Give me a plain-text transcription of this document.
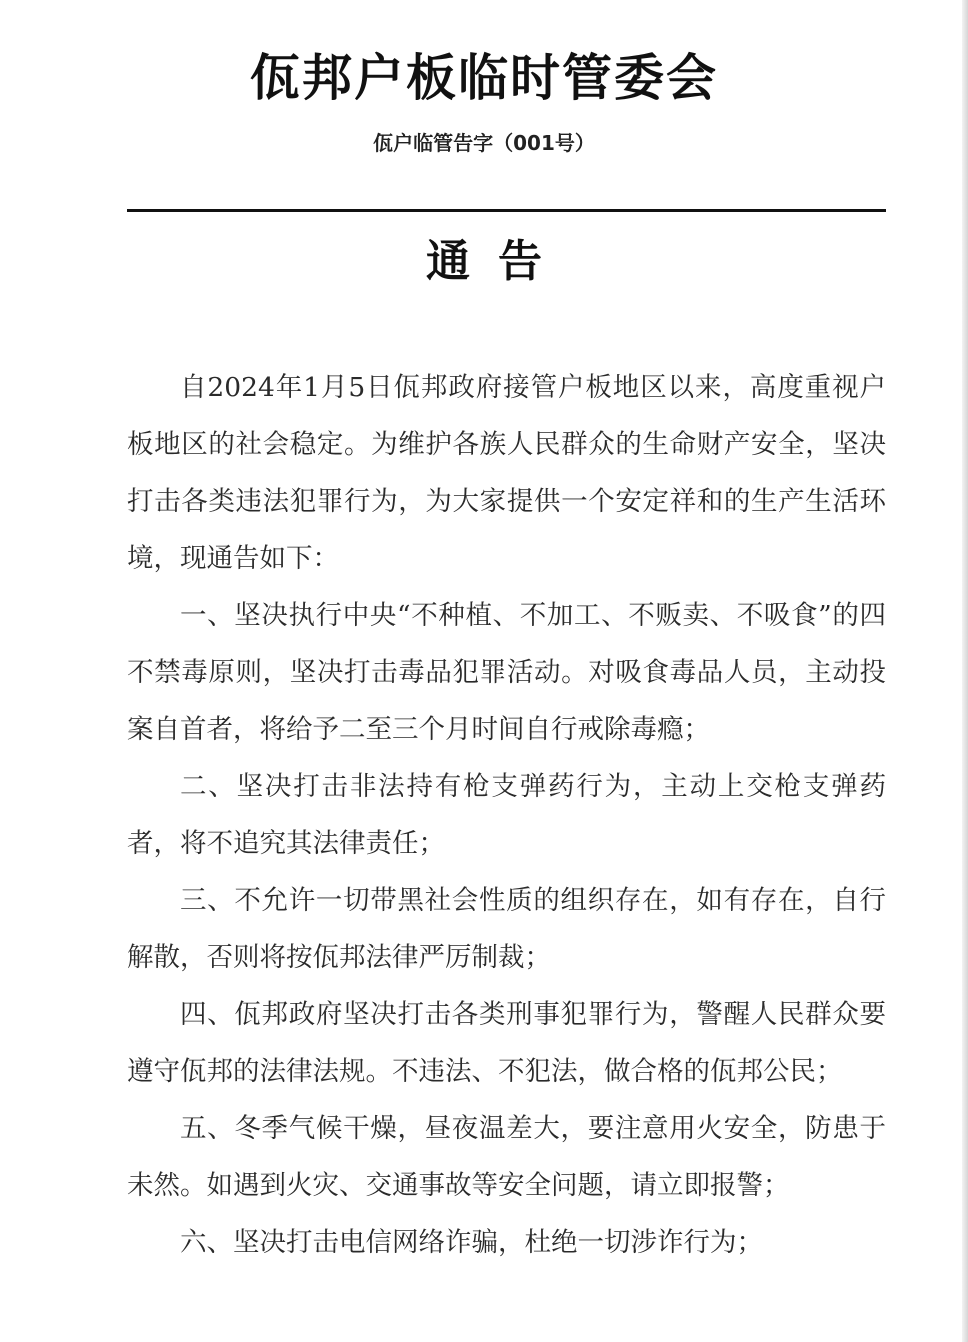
佤邦户板临时管委会
佤户临管告字（001号）
通告

自2024年1月5日佤邦政府接管户板地区以来，高度重视户板地区的社会稳定。为维护各族人民群众的生命财产安全，坚决打击各类违法犯罪行为，为大家提供一个安定祥和的生产生活环境，现通告如下：

一、坚决执行中央“不种植、不加工、不贩卖、不吸食”的四不禁毒原则，坚决打击毒品犯罪活动。对吸食毒品人员，主动投案自首者，将给予二至三个月时间自行戒除毒瘾；

二、坚决打击非法持有枪支弹药行为，主动上交枪支弹药者，将不追究其法律责任；

三、不允许一切带黑社会性质的组织存在，如有存在，自行解散，否则将按佤邦法律严厉制裁；

四、佤邦政府坚决打击各类刑事犯罪行为，警醒人民群众要遵守佤邦的法律法规。不违法、不犯法，做合格的佤邦公民；

五、冬季气候干燥，昼夜温差大，要注意用火安全，防患于未然。如遇到火灾、交通事故等安全问题，请立即报警；

六、坚决打击电信网络诈骗，杜绝一切涉诈行为；
